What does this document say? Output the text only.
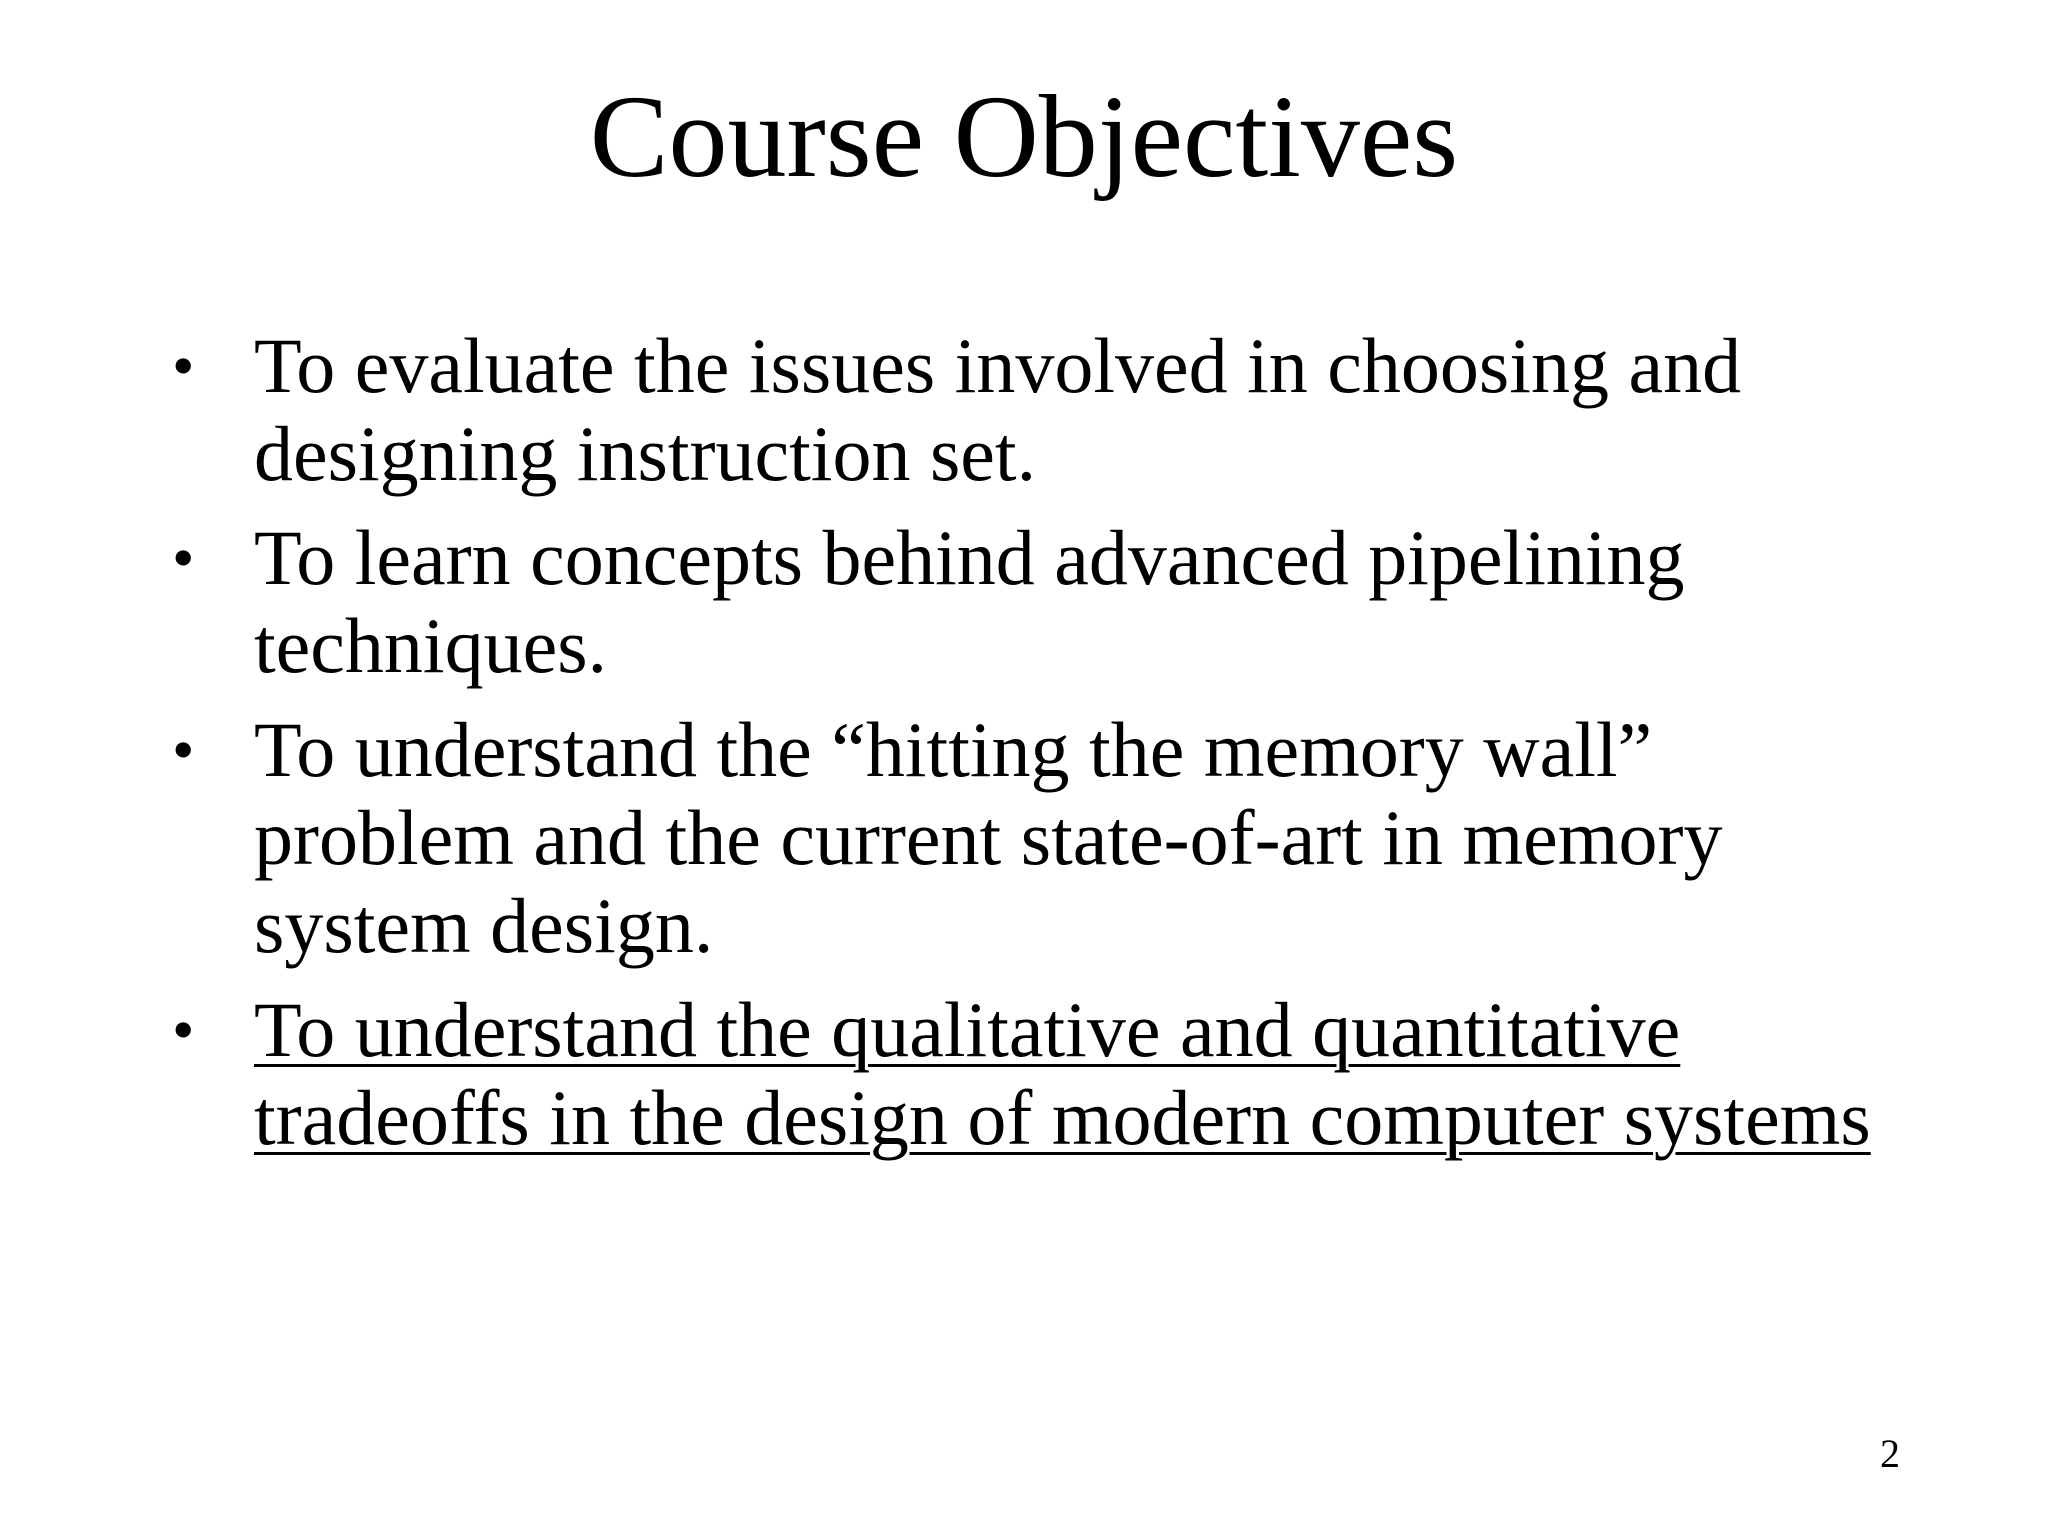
Course Objectives
• To evaluate the issues involved in choosing and designing instruction set.
• To learn concepts behind advanced pipelining techniques.
• To understand the “hitting the memory wall” problem and the current state-of-art in memory system design.
• To understand the qualitative and quantitative tradeoffs in the design of modern computer systems
2
